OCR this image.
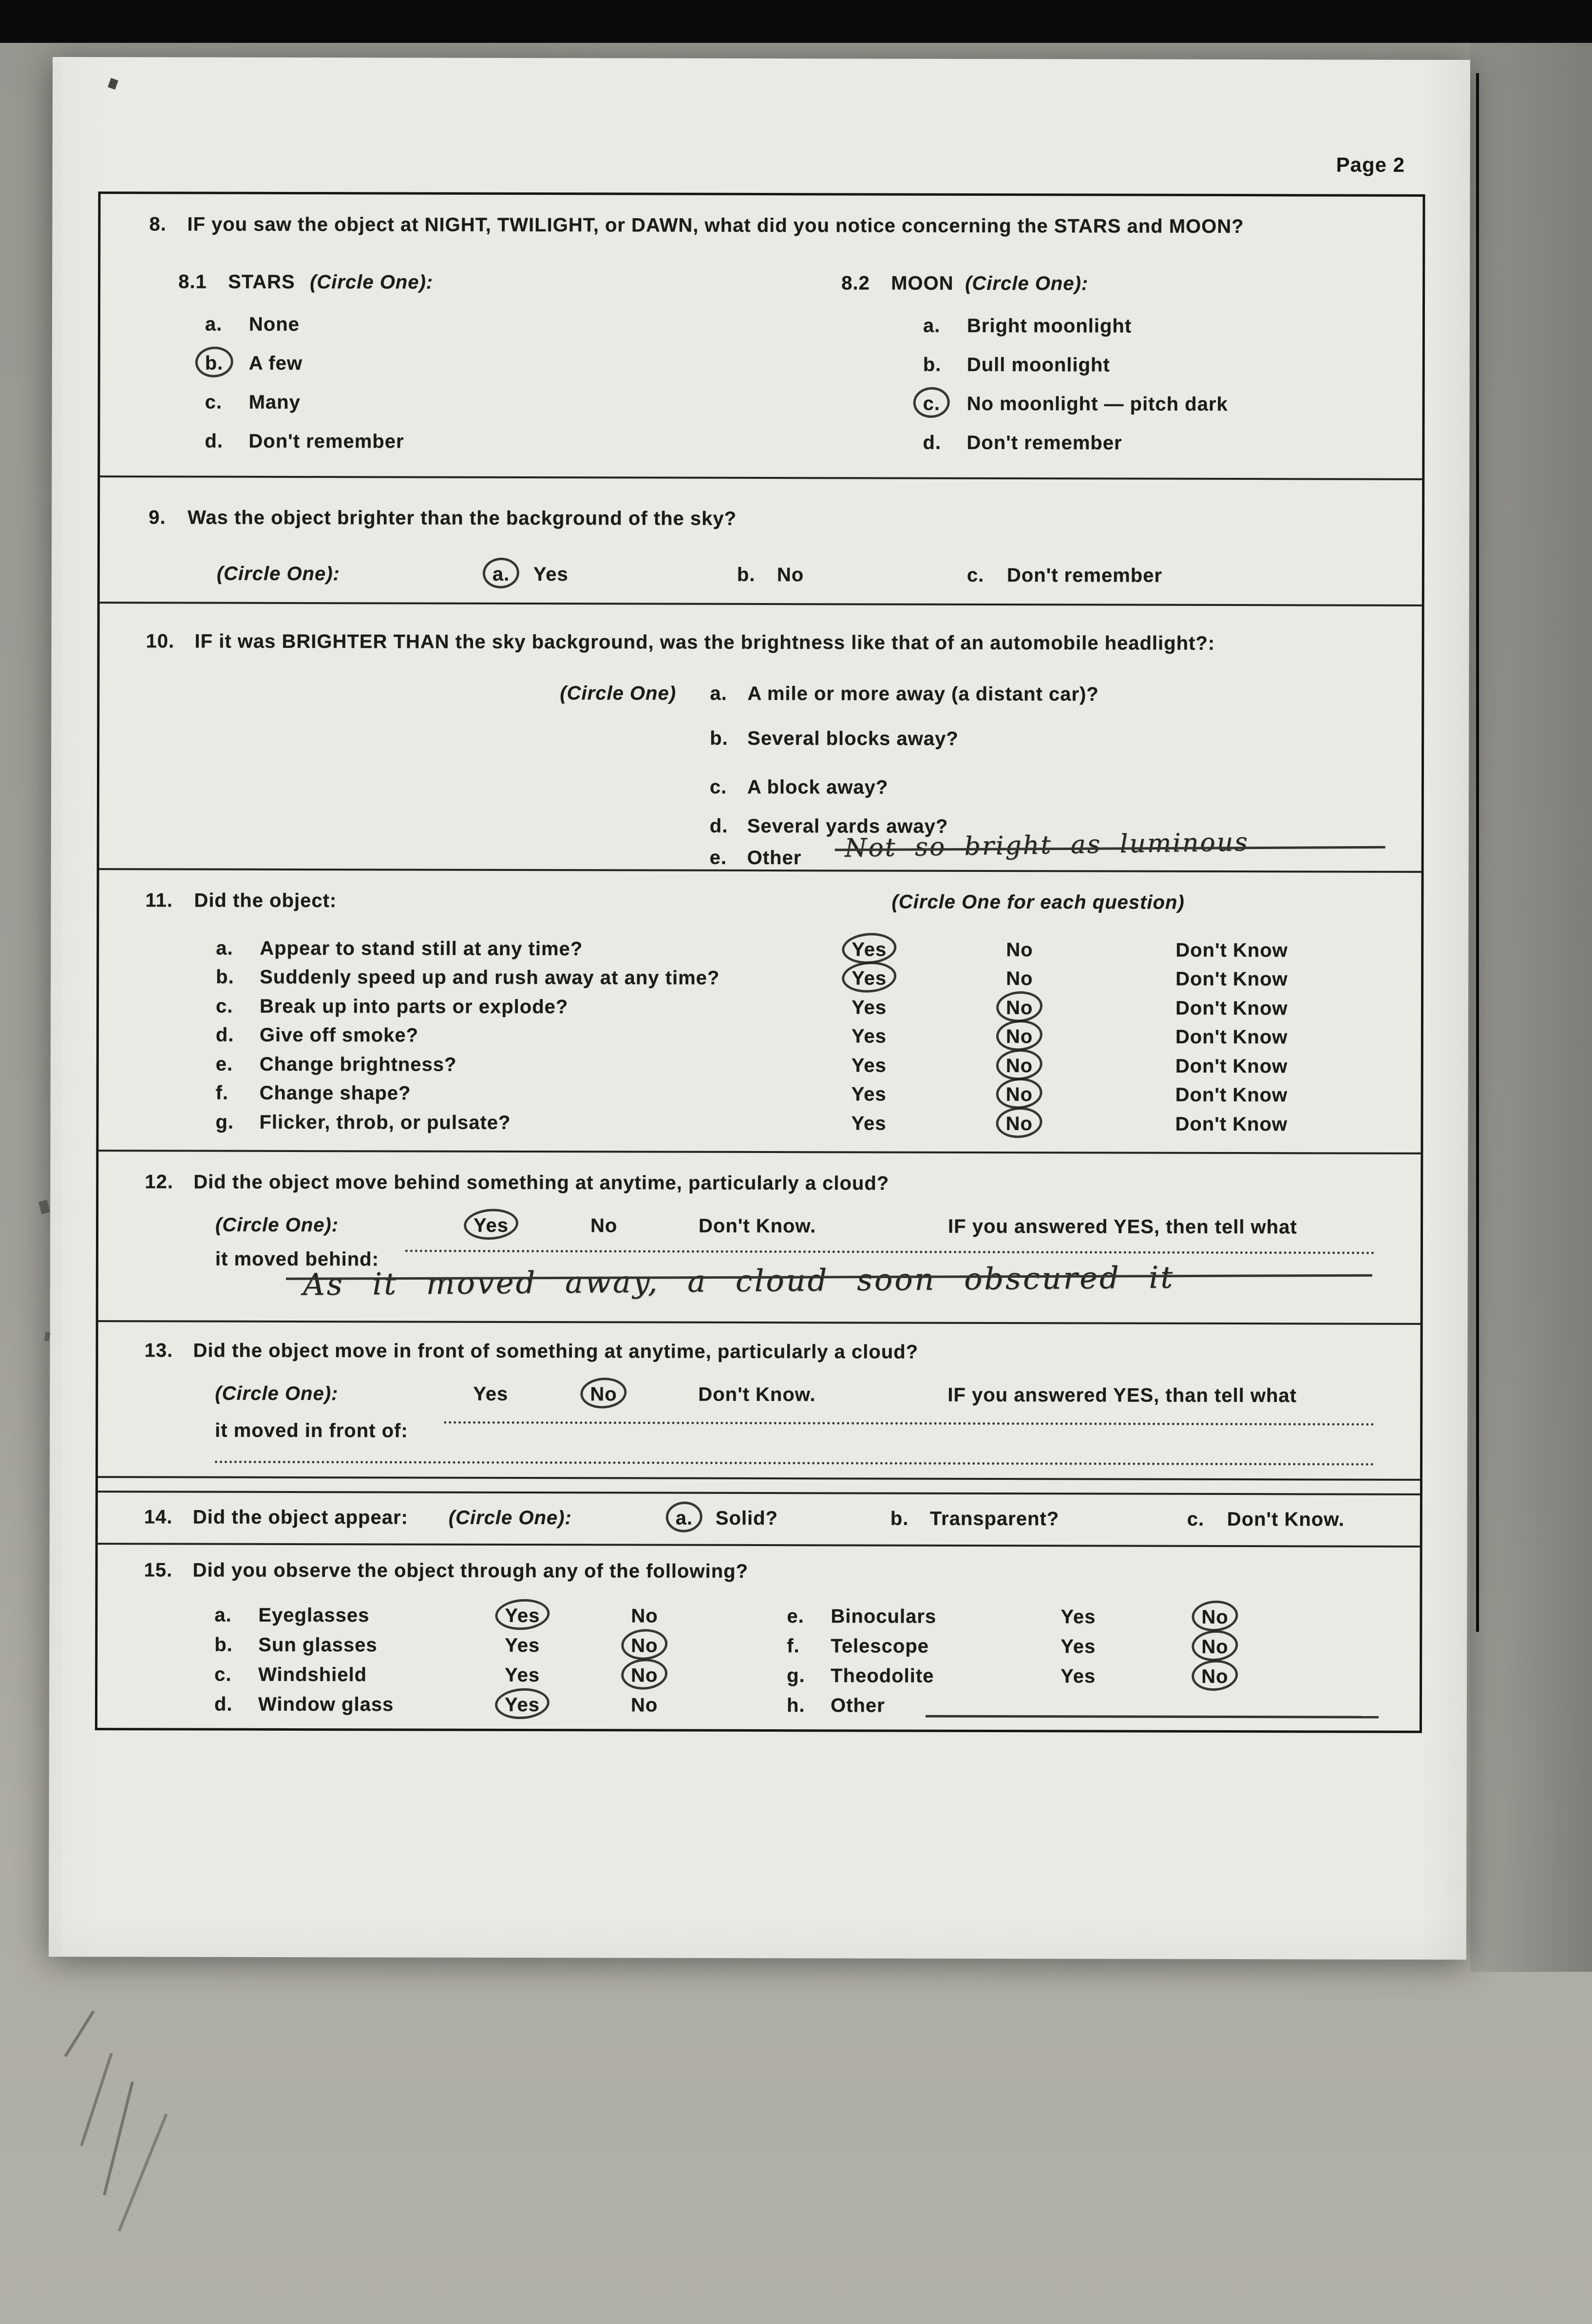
Page 2
8. IF you saw the object at NIGHT, TWILIGHT, or DAWN, what did you notice concerning the STARS and MOON?
8.1 STARS (Circle One):	8.2 MOON (Circle One):
a. None
b. A few
c. Many
d. Don't remember
a. Bright moonlight
b. Dull moonlight
c. No moonlight — pitch dark
d. Don't remember
9. Was the object brighter than the background of the sky?
(Circle One):	a. Yes	b. No	c. Don't remember
10. IF it was BRIGHTER THAN the sky background, was the brightness like that of an automobile headlight?:
(Circle One) a. A mile or more away (a distant car)?
b. Several blocks away?
c. A block away?
d. Several yards away?
e. Other Not so bright as luminous
11. Did the object:	(Circle One for each question)
a. Appear to stand still at any time?	Yes	No	Don't Know
b. Suddenly speed up and rush away at any time?	Yes	No	Don't Know
c. Break up into parts or explode?	Yes	No	Don't Know
d. Give off smoke?	Yes	No	Don't Know
e. Change brightness?	Yes	No	Don't Know
f. Change shape?	Yes	No	Don't Know
g. Flicker, throb, or pulsate?	Yes	No	Don't Know
12. Did the object move behind something at anytime, particularly a cloud?
(Circle One):	Yes	No	Don't Know.	IF you answered YES, then tell what
it moved behind:
As it moved away, a cloud soon obscured it
13. Did the object move in front of something at anytime, particularly a cloud?
(Circle One):	Yes	No	Don't Know.	IF you answered YES, than tell what
it moved in front of:
14. Did the object appear: (Circle One):	a. Solid?	b. Transparent?	c. Don't Know.
15. Did you observe the object through any of the following?
a. Eyeglasses	Yes	No
b. Sun glasses	Yes	No
c. Windshield	Yes	No
d. Window glass	Yes	No
e. Binoculars	Yes	No
f. Telescope	Yes	No
g. Theodolite	Yes	No
h. Other
